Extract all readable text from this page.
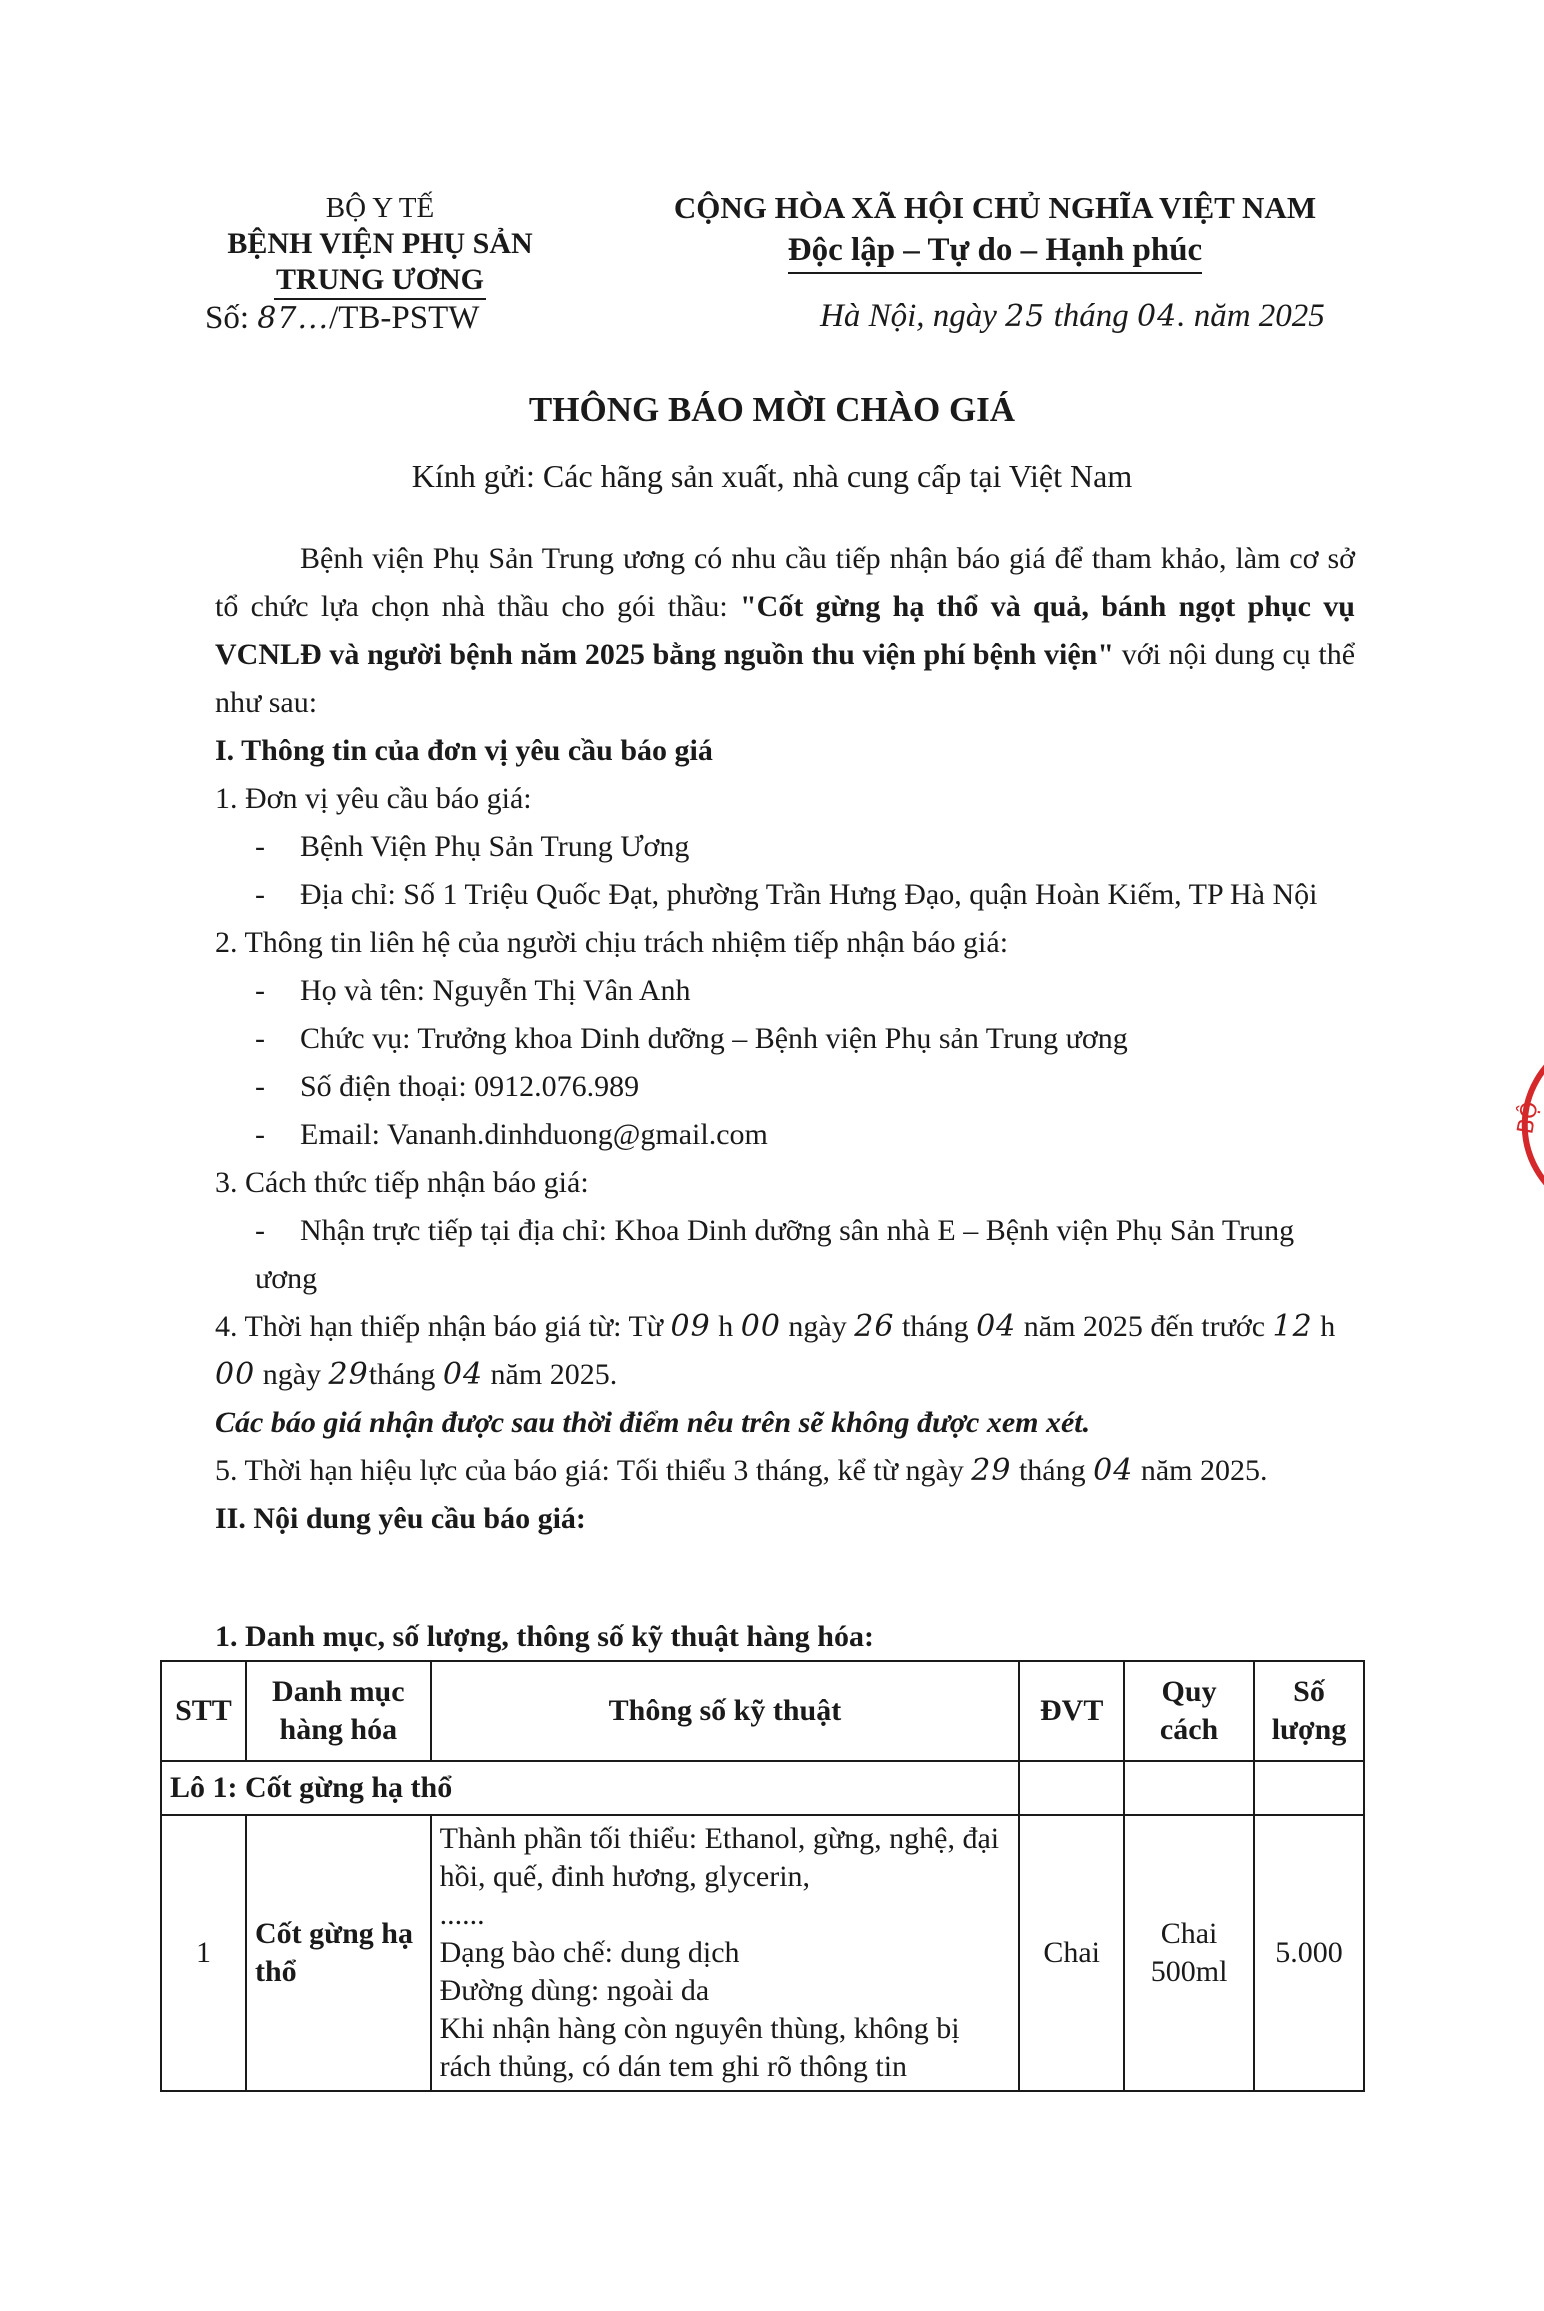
BỘ Y TẾ
BỆNH VIỆN PHỤ SẢN
TRUNG ƯƠNG
Số: 87.../TB-PSTW
CỘNG HÒA XÃ HỘI CHỦ NGHĨA VIỆT NAM
Độc lập – Tự do – Hạnh phúc
Hà Nội, ngày 25 tháng 04. năm 2025
THÔNG BÁO MỜI CHÀO GIÁ
Kính gửi: Các hãng sản xuất, nhà cung cấp tại Việt Nam

Bệnh viện Phụ Sản Trung ương có nhu cầu tiếp nhận báo giá để tham khảo, làm cơ sở tổ chức lựa chọn nhà thầu cho gói thầu: "Cốt gừng hạ thổ và quả, bánh ngọt phục vụ VCNLĐ và người bệnh năm 2025 bằng nguồn thu viện phí bệnh viện" với nội dung cụ thể như sau:

I. Thông tin của đơn vị yêu cầu báo giá

1. Đơn vị yêu cầu báo giá:

- Bệnh Viện Phụ Sản Trung Ương

- Địa chỉ: Số 1 Triệu Quốc Đạt, phường Trần Hưng Đạo, quận Hoàn Kiếm, TP Hà Nội

2. Thông tin liên hệ của người chịu trách nhiệm tiếp nhận báo giá:

- Họ và tên: Nguyễn Thị Vân Anh

- Chức vụ: Trưởng khoa Dinh dưỡng – Bệnh viện Phụ sản Trung ương

- Số điện thoại: 0912.076.989

- Email: Vananh.dinhduong@gmail.com

3. Cách thức tiếp nhận báo giá:

- Nhận trực tiếp tại địa chỉ: Khoa Dinh dưỡng sân nhà E – Bệnh viện Phụ Sản Trung ương

4. Thời hạn thiếp nhận báo giá từ: Từ 09 h 00 ngày 26 tháng 04 năm 2025 đến trước 12 h 00 ngày 29tháng 04 năm 2025.

Các báo giá nhận được sau thời điểm nêu trên sẽ không được xem xét.

5. Thời hạn hiệu lực của báo giá: Tối thiểu 3 tháng, kể từ ngày 29 tháng 04 năm 2025.

II. Nội dung yêu cầu báo giá:

1. Danh mục, số lượng, thông số kỹ thuật hàng hóa:
STT	Danh mục hàng hóa	Thông số kỹ thuật	ĐVT	Quy cách	Số lượng
Lô 1: Cốt gừng hạ thổ					
1	Cốt gừng hạ thổ	Thành phần tối thiểu: Ethanol, gừng, nghệ, đại hồi, quế, đinh hương, glycerin,
......
Dạng bào chế: dung dịch
Đường dùng: ngoài da
Khi nhận hàng còn nguyên thùng, không bị rách thủng, có dán tem ghi rõ thông tin	Chai	Chai 500ml	5.000
BỘ
